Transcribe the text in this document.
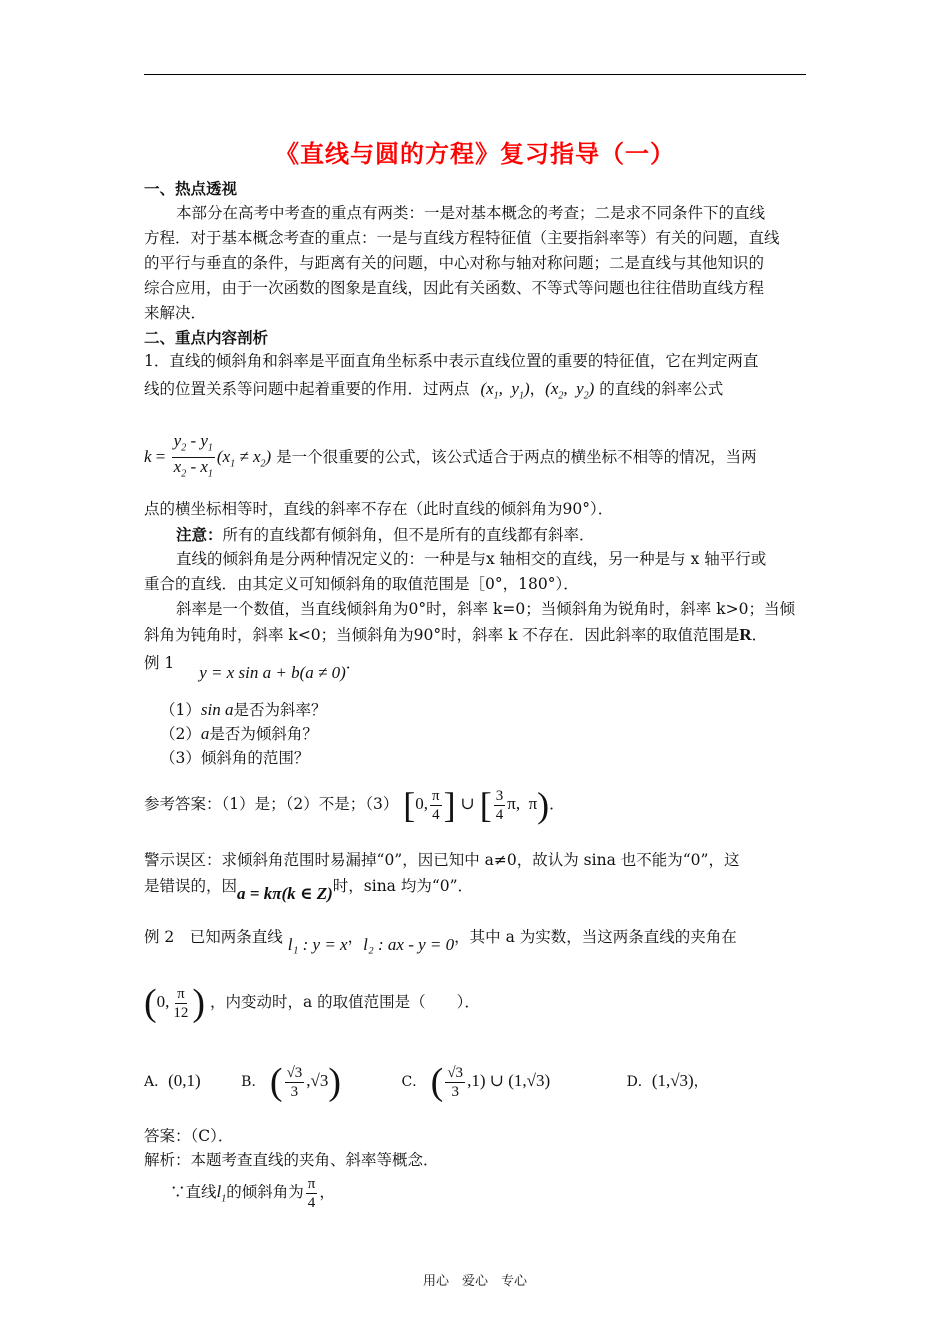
《直线与圆的方程》复习指导（一）
一、热点透视
本部分在高考中考查的重点有两类：一是对基本概念的考查；二是求不同条件下的直线
方程．对于基本概念考查的重点：一是与直线方程特征值（主要指斜率等）有关的问题，直线
的平行与垂直的条件，与距离有关的问题，中心对称与轴对称问题；二是直线与其他知识的
综合应用，由于一次函数的图象是直线，因此有关函数、不等式等问题也往往借助直线方程
来解决．
二、重点内容剖析
1．直线的倾斜角和斜率是平面直角坐标系中表示直线位置的重要的特征值，它在判定两直
线的位置关系等问题中起着重要的作用．过两点 ($x_1$,  $y_1$)，($x_2$,  $y_2$) 的直线的斜率公式
$k = \frac{y_2 - y_1}{x_2 - x_1} (x_1 \ne x_2)$ 是一个很重要的公式，该公式适合于两点的横坐标不相等的情况，当两
点的横坐标相等时，直线的斜率不存在（此时直线的倾斜角为90°）．
注意：所有的直线都有倾斜角，但不是所有的直线都有斜率．
直线的倾斜角是分两种情况定义的：一种是与x 轴相交的直线，另一种是与 x 轴平行或
重合的直线．由其定义可知倾斜角的取值范围是［0°，180°）．
斜率是一个数值，当直线倾斜角为0°时，斜率 k=0；当倾斜角为锐角时，斜率 k>0；当倾
斜角为钝角时，斜率 k<0；当倾斜角为90°时，斜率 k 不存在．因此斜率的取值范围是R．
例 1 y = x sin a + b(a ≠ 0)．
（1）sin a是否为斜率？
（2）a是否为倾斜角？
（3）倾斜角的范围？
参考答案：（1）是；（2）不是；（3） [0, $\frac{\pi}{4}$ ] ∪ [ $\frac{3}{4} \pi$,  π)．
警示误区：求倾斜角范围时易漏掉“0”，因已知中 a≠0，故认为 sina 也不能为“0”，这
是错误的，因a = kπ(k ∈ Z)时，sina 均为“0”．
例 2　已知两条直线 l₁ : y = x，l₂ : ax - y = 0，其中 a 为实数，当这两条直线的夹角在
(0, $\frac{\pi}{12}$ ) ，内变动时，a 的取值范围是（　　）．
A．(0,1)	B． ( $\frac{√3}{3} ,√3$)	C． ( $\frac{√3}{3} ,1$) ∪ (1,√3)	D．(1,√3)，
答案：（C）．
解析：本题考查直线的夹角、斜率等概念．
∵直线$l_1$的倾斜角为 $\frac{\pi}{4}$ ，
用心　爱心　专心
